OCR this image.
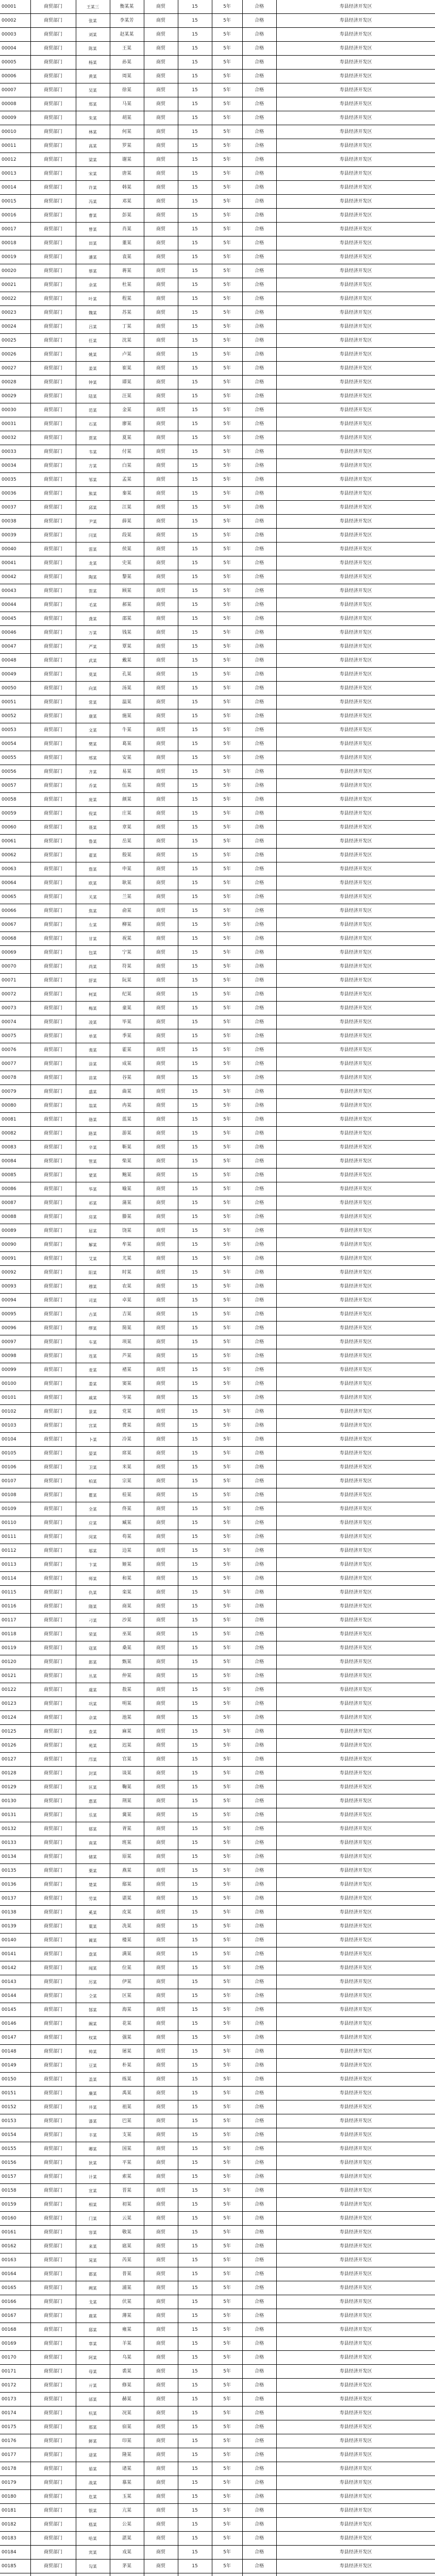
00001	商贸部门	王某三	衡某某	商贸	15	5年	合格	寿县经济开发区
00002	商贸部门	张某	李某芳	商贸	15	5年	合格	寿县经济开发区
00003	商贸部门	刘某	赵某某	商贸	15	5年	合格	寿县经济开发区
00004	商贸部门	陈某	王某	商贸	15	5年	合格	寿县经济开发区
00005	商贸部门	杨某	孙某	商贸	15	5年	合格	寿县经济开发区
00006	商贸部门	黄某	周某	商贸	15	5年	合格	寿县经济开发区
00007	商贸部门	吴某	徐某	商贸	15	5年	合格	寿县经济开发区
00008	商贸部门	郑某	马某	商贸	15	5年	合格	寿县经济开发区
00009	商贸部门	朱某	胡某	商贸	15	5年	合格	寿县经济开发区
00010	商贸部门	林某	何某	商贸	15	5年	合格	寿县经济开发区
00011	商贸部门	高某	罗某	商贸	15	5年	合格	寿县经济开发区
00012	商贸部门	梁某	谢某	商贸	15	5年	合格	寿县经济开发区
00013	商贸部门	宋某	唐某	商贸	15	5年	合格	寿县经济开发区
00014	商贸部门	许某	韩某	商贸	15	5年	合格	寿县经济开发区
00015	商贸部门	冯某	邓某	商贸	15	5年	合格	寿县经济开发区
00016	商贸部门	曹某	彭某	商贸	15	5年	合格	寿县经济开发区
00017	商贸部门	曾某	肖某	商贸	15	5年	合格	寿县经济开发区
00018	商贸部门	田某	董某	商贸	15	5年	合格	寿县经济开发区
00019	商贸部门	潘某	袁某	商贸	15	5年	合格	寿县经济开发区
00020	商贸部门	蔡某	蒋某	商贸	15	5年	合格	寿县经济开发区
00021	商贸部门	余某	杜某	商贸	15	5年	合格	寿县经济开发区
00022	商贸部门	叶某	程某	商贸	15	5年	合格	寿县经济开发区
00023	商贸部门	魏某	苏某	商贸	15	5年	合格	寿县经济开发区
00024	商贸部门	吕某	丁某	商贸	15	5年	合格	寿县经济开发区
00025	商贸部门	任某	沈某	商贸	15	5年	合格	寿县经济开发区
00026	商贸部门	姚某	卢某	商贸	15	5年	合格	寿县经济开发区
00027	商贸部门	姜某	崔某	商贸	15	5年	合格	寿县经济开发区
00028	商贸部门	钟某	谭某	商贸	15	5年	合格	寿县经济开发区
00029	商贸部门	陆某	汪某	商贸	15	5年	合格	寿县经济开发区
00030	商贸部门	范某	金某	商贸	15	5年	合格	寿县经济开发区
00031	商贸部门	石某	廖某	商贸	15	5年	合格	寿县经济开发区
00032	商贸部门	贾某	夏某	商贸	15	5年	合格	寿县经济开发区
00033	商贸部门	韦某	付某	商贸	15	5年	合格	寿县经济开发区
00034	商贸部门	方某	白某	商贸	15	5年	合格	寿县经济开发区
00035	商贸部门	邹某	孟某	商贸	15	5年	合格	寿县经济开发区
00036	商贸部门	熊某	秦某	商贸	15	5年	合格	寿县经济开发区
00037	商贸部门	邱某	江某	商贸	15	5年	合格	寿县经济开发区
00038	商贸部门	尹某	薛某	商贸	15	5年	合格	寿县经济开发区
00039	商贸部门	闫某	段某	商贸	15	5年	合格	寿县经济开发区
00040	商贸部门	雷某	侯某	商贸	15	5年	合格	寿县经济开发区
00041	商贸部门	龙某	史某	商贸	15	5年	合格	寿县经济开发区
00042	商贸部门	陶某	黎某	商贸	15	5年	合格	寿县经济开发区
00043	商贸部门	贺某	顾某	商贸	15	5年	合格	寿县经济开发区
00044	商贸部门	毛某	郝某	商贸	15	5年	合格	寿县经济开发区
00045	商贸部门	龚某	邵某	商贸	15	5年	合格	寿县经济开发区
00046	商贸部门	万某	钱某	商贸	15	5年	合格	寿县经济开发区
00047	商贸部门	严某	覃某	商贸	15	5年	合格	寿县经济开发区
00048	商贸部门	武某	戴某	商贸	15	5年	合格	寿县经济开发区
00049	商贸部门	莫某	孔某	商贸	15	5年	合格	寿县经济开发区
00050	商贸部门	向某	汤某	商贸	15	5年	合格	寿县经济开发区
00051	商贸部门	常某	温某	商贸	15	5年	合格	寿县经济开发区
00052	商贸部门	康某	施某	商贸	15	5年	合格	寿县经济开发区
00053	商贸部门	文某	牛某	商贸	15	5年	合格	寿县经济开发区
00054	商贸部门	樊某	葛某	商贸	15	5年	合格	寿县经济开发区
00055	商贸部门	邢某	安某	商贸	15	5年	合格	寿县经济开发区
00056	商贸部门	齐某	易某	商贸	15	5年	合格	寿县经济开发区
00057	商贸部门	乔某	伍某	商贸	15	5年	合格	寿县经济开发区
00058	商贸部门	庞某	颜某	商贸	15	5年	合格	寿县经济开发区
00059	商贸部门	倪某	庄某	商贸	15	5年	合格	寿县经济开发区
00060	商贸部门	聂某	章某	商贸	15	5年	合格	寿县经济开发区
00061	商贸部门	鲁某	岳某	商贸	15	5年	合格	寿县经济开发区
00062	商贸部门	翟某	殷某	商贸	15	5年	合格	寿县经济开发区
00063	商贸部门	詹某	申某	商贸	15	5年	合格	寿县经济开发区
00064	商贸部门	欧某	耿某	商贸	15	5年	合格	寿县经济开发区
00065	商贸部门	关某	兰某	商贸	15	5年	合格	寿县经济开发区
00066	商贸部门	焦某	俞某	商贸	15	5年	合格	寿县经济开发区
00067	商贸部门	左某	柳某	商贸	15	5年	合格	寿县经济开发区
00068	商贸部门	甘某	祝某	商贸	15	5年	合格	寿县经济开发区
00069	商贸部门	包某	宁某	商贸	15	5年	合格	寿县经济开发区
00070	商贸部门	尚某	符某	商贸	15	5年	合格	寿县经济开发区
00071	商贸部门	舒某	阮某	商贸	15	5年	合格	寿县经济开发区
00072	商贸部门	柯某	纪某	商贸	15	5年	合格	寿县经济开发区
00073	商贸部门	梅某	童某	商贸	15	5年	合格	寿县经济开发区
00074	商贸部门	凌某	毕某	商贸	15	5年	合格	寿县经济开发区
00075	商贸部门	单某	季某	商贸	15	5年	合格	寿县经济开发区
00076	商贸部门	裴某	霍某	商贸	15	5年	合格	寿县经济开发区
00077	商贸部门	涂某	成某	商贸	15	5年	合格	寿县经济开发区
00078	商贸部门	苗某	谷某	商贸	15	5年	合格	寿县经济开发区
00079	商贸部门	盛某	曲某	商贸	15	5年	合格	寿县经济开发区
00080	商贸部门	翁某	冉某	商贸	15	5年	合格	寿县经济开发区
00081	商贸部门	骆某	蓝某	商贸	15	5年	合格	寿县经济开发区
00082	商贸部门	路某	游某	商贸	15	5年	合格	寿县经济开发区
00083	商贸部门	辛某	靳某	商贸	15	5年	合格	寿县经济开发区
00084	商贸部门	管某	柴某	商贸	15	5年	合格	寿县经济开发区
00085	商贸部门	蒙某	鲍某	商贸	15	5年	合格	寿县经济开发区
00086	商贸部门	华某	喻某	商贸	15	5年	合格	寿县经济开发区
00087	商贸部门	祁某	蒲某	商贸	15	5年	合格	寿县经济开发区
00088	商贸部门	房某	滕某	商贸	15	5年	合格	寿县经济开发区
00089	商贸部门	屈某	饶某	商贸	15	5年	合格	寿县经济开发区
00090	商贸部门	解某	牟某	商贸	15	5年	合格	寿县经济开发区
00091	商贸部门	艾某	尤某	商贸	15	5年	合格	寿县经济开发区
00092	商贸部门	阳某	时某	商贸	15	5年	合格	寿县经济开发区
00093	商贸部门	穆某	农某	商贸	15	5年	合格	寿县经济开发区
00094	商贸部门	司某	卓某	商贸	15	5年	合格	寿县经济开发区
00095	商贸部门	古某	吉某	商贸	15	5年	合格	寿县经济开发区
00096	商贸部门	缪某	简某	商贸	15	5年	合格	寿县经济开发区
00097	商贸部门	车某	项某	商贸	15	5年	合格	寿县经济开发区
00098	商贸部门	连某	芦某	商贸	15	5年	合格	寿县经济开发区
00099	商贸部门	麦某	褚某	商贸	15	5年	合格	寿县经济开发区
00100	商贸部门	娄某	窦某	商贸	15	5年	合格	寿县经济开发区
00101	商贸部门	戚某	岑某	商贸	15	5年	合格	寿县经济开发区
00102	商贸部门	景某	党某	商贸	15	5年	合格	寿县经济开发区
00103	商贸部门	宫某	费某	商贸	15	5年	合格	寿县经济开发区
00104	商贸部门	卜某	冷某	商贸	15	5年	合格	寿县经济开发区
00105	商贸部门	晏某	席某	商贸	15	5年	合格	寿县经济开发区
00106	商贸部门	卫某	米某	商贸	15	5年	合格	寿县经济开发区
00107	商贸部门	柏某	宗某	商贸	15	5年	合格	寿县经济开发区
00108	商贸部门	瞿某	桂某	商贸	15	5年	合格	寿县经济开发区
00109	商贸部门	全某	佟某	商贸	15	5年	合格	寿县经济开发区
00110	商贸部门	应某	臧某	商贸	15	5年	合格	寿县经济开发区
00111	商贸部门	闵某	苟某	商贸	15	5年	合格	寿县经济开发区
00112	商贸部门	邬某	边某	商贸	15	5年	合格	寿县经济开发区
00113	商贸部门	卞某	姬某	商贸	15	5年	合格	寿县经济开发区
00114	商贸部门	师某	和某	商贸	15	5年	合格	寿县经济开发区
00115	商贸部门	仇某	栾某	商贸	15	5年	合格	寿县经济开发区
00116	商贸部门	隋某	商某	商贸	15	5年	合格	寿县经济开发区
00117	商贸部门	刁某	沙某	商贸	15	5年	合格	寿县经济开发区
00118	商贸部门	荣某	巫某	商贸	15	5年	合格	寿县经济开发区
00119	商贸部门	寇某	桑某	商贸	15	5年	合格	寿县经济开发区
00120	商贸部门	郎某	甄某	商贸	15	5年	合格	寿县经济开发区
00121	商贸部门	丛某	仲某	商贸	15	5年	合格	寿县经济开发区
00122	商贸部门	虞某	敖某	商贸	15	5年	合格	寿县经济开发区
00123	商贸部门	巩某	明某	商贸	15	5年	合格	寿县经济开发区
00124	商贸部门	佘某	池某	商贸	15	5年	合格	寿县经济开发区
00125	商贸部门	查某	麻某	商贸	15	5年	合格	寿县经济开发区
00126	商贸部门	苑某	迟某	商贸	15	5年	合格	寿县经济开发区
00127	商贸部门	邝某	官某	商贸	15	5年	合格	寿县经济开发区
00128	商贸部门	封某	谈某	商贸	15	5年	合格	寿县经济开发区
00129	商贸部门	匡某	鞠某	商贸	15	5年	合格	寿县经济开发区
00130	商贸部门	惠某	荆某	商贸	15	5年	合格	寿县经济开发区
00131	商贸部门	乐某	冀某	商贸	15	5年	合格	寿县经济开发区
00132	商贸部门	郁某	胥某	商贸	15	5年	合格	寿县经济开发区
00133	商贸部门	南某	班某	商贸	15	5年	合格	寿县经济开发区
00134	商贸部门	储某	原某	商贸	15	5年	合格	寿县经济开发区
00135	商贸部门	栗某	燕某	商贸	15	5年	合格	寿县经济开发区
00136	商贸部门	楚某	鄢某	商贸	15	5年	合格	寿县经济开发区
00137	商贸部门	劳某	谌某	商贸	15	5年	合格	寿县经济开发区
00138	商贸部门	奚某	皮某	商贸	15	5年	合格	寿县经济开发区
00139	商贸部门	粟某	冼某	商贸	15	5年	合格	寿县经济开发区
00140	商贸部门	蔺某	楼某	商贸	15	5年	合格	寿县经济开发区
00141	商贸部门	盘某	满某	商贸	15	5年	合格	寿县经济开发区
00142	商贸部门	闻某	位某	商贸	15	5年	合格	寿县经济开发区
00143	商贸部门	厉某	伊某	商贸	15	5年	合格	寿县经济开发区
00144	商贸部门	仝某	区某	商贸	15	5年	合格	寿县经济开发区
00145	商贸部门	郜某	海某	商贸	15	5年	合格	寿县经济开发区
00146	商贸部门	阚某	花某	商贸	15	5年	合格	寿县经济开发区
00147	商贸部门	权某	强某	商贸	15	5年	合格	寿县经济开发区
00148	商贸部门	帅某	屠某	商贸	15	5年	合格	寿县经济开发区
00149	商贸部门	豆某	朴某	商贸	15	5年	合格	寿县经济开发区
00150	商贸部门	盖某	练某	商贸	15	5年	合格	寿县经济开发区
00151	商贸部门	廉某	禹某	商贸	15	5年	合格	寿县经济开发区
00152	商贸部门	井某	祖某	商贸	15	5年	合格	寿县经济开发区
00153	商贸部门	漆某	巴某	商贸	15	5年	合格	寿县经济开发区
00154	商贸部门	丰某	支某	商贸	15	5年	合格	寿县经济开发区
00155	商贸部门	卿某	国某	商贸	15	5年	合格	寿县经济开发区
00156	商贸部门	狄某	平某	商贸	15	5年	合格	寿县经济开发区
00157	商贸部门	计某	索某	商贸	15	5年	合格	寿县经济开发区
00158	商贸部门	宣某	晋某	商贸	15	5年	合格	寿县经济开发区
00159	商贸部门	相某	初某	商贸	15	5年	合格	寿县经济开发区
00160	商贸部门	门某	云某	商贸	15	5年	合格	寿县经济开发区
00161	商贸部门	容某	敬某	商贸	15	5年	合格	寿县经济开发区
00162	商贸部门	来某	扈某	商贸	15	5年	合格	寿县经济开发区
00163	商贸部门	晁某	芮某	商贸	15	5年	合格	寿县经济开发区
00164	商贸部门	都某	普某	商贸	15	5年	合格	寿县经济开发区
00165	商贸部门	阙某	浦某	商贸	15	5年	合格	寿县经济开发区
00166	商贸部门	戈某	伏某	商贸	15	5年	合格	寿县经济开发区
00167	商贸部门	鹿某	薄某	商贸	15	5年	合格	寿县经济开发区
00168	商贸部门	邸某	雍某	商贸	15	5年	合格	寿县经济开发区
00169	商贸部门	辜某	羊某	商贸	15	5年	合格	寿县经济开发区
00170	商贸部门	阿某	乌某	商贸	15	5年	合格	寿县经济开发区
00171	商贸部门	母某	裘某	商贸	15	5年	合格	寿县经济开发区
00172	商贸部门	亓某	修某	商贸	15	5年	合格	寿县经济开发区
00173	商贸部门	邰某	赫某	商贸	15	5年	合格	寿县经济开发区
00174	商贸部门	杭某	况某	商贸	15	5年	合格	寿县经济开发区
00175	商贸部门	那某	宿某	商贸	15	5年	合格	寿县经济开发区
00176	商贸部门	鲜某	印某	商贸	15	5年	合格	寿县经济开发区
00177	商贸部门	逯某	隆某	商贸	15	5年	合格	寿县经济开发区
00178	商贸部门	茹某	诸某	商贸	15	5年	合格	寿县经济开发区
00179	商贸部门	战某	慕某	商贸	15	5年	合格	寿县经济开发区
00180	商贸部门	危某	玉某	商贸	15	5年	合格	寿县经济开发区
00181	商贸部门	银某	亢某	商贸	15	5年	合格	寿县经济开发区
00182	商贸部门	嵇某	公某	商贸	15	5年	合格	寿县经济开发区
00183	商贸部门	哈某	湛某	商贸	15	5年	合格	寿县经济开发区
00184	商贸部门	宾某	戎某	商贸	15	5年	合格	寿县经济开发区
00185	商贸部门	勾某	茅某	商贸	15	5年	合格	寿县经济开发区
